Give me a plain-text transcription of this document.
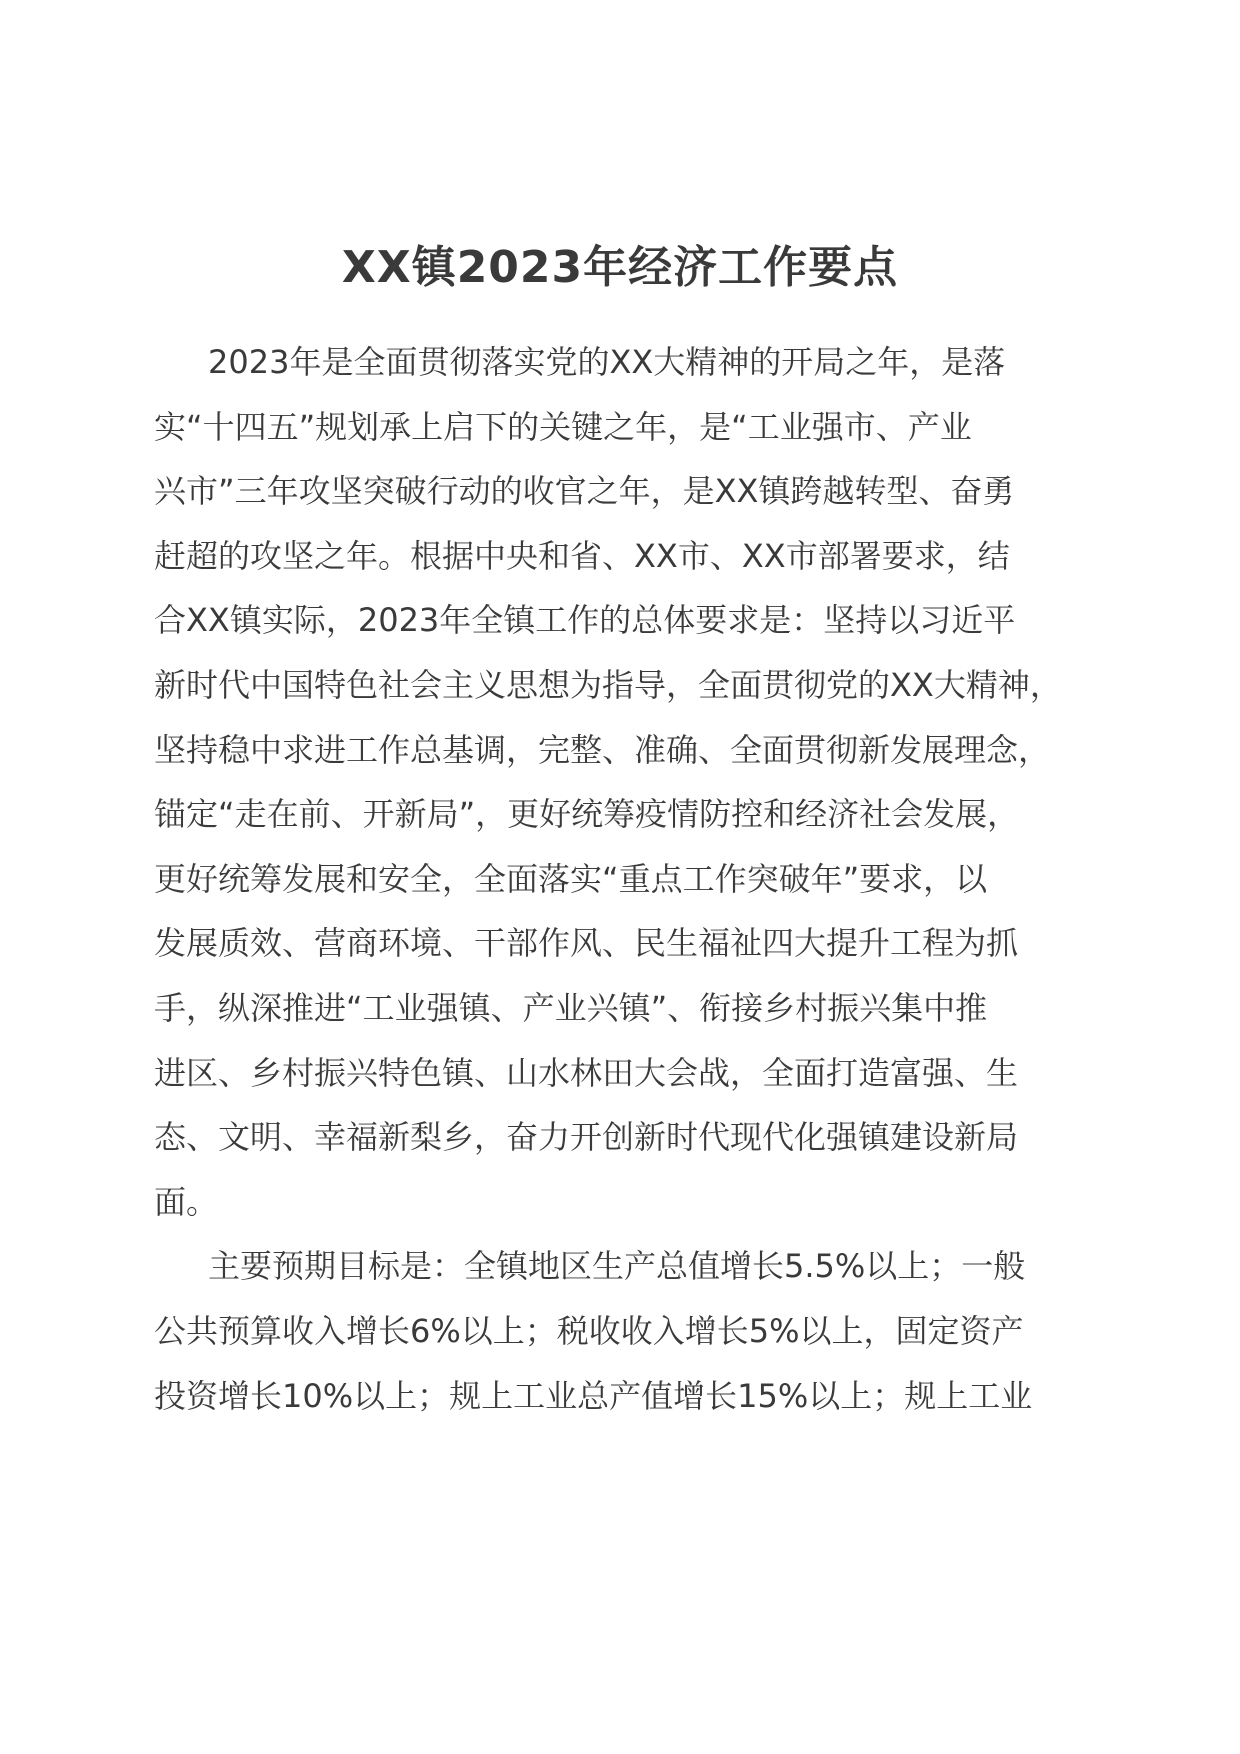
XX镇2023年经济工作要点
2023年是全面贯彻落实党的XX大精神的开局之年，是落
实“十四五”规划承上启下的关键之年，是“工业强市、产业
兴市”三年攻坚突破行动的收官之年，是XX镇跨越转型、奋勇
赶超的攻坚之年。根据中央和省、XX市、XX市部署要求，结
合XX镇实际，2023年全镇工作的总体要求是：坚持以习近平
新时代中国特色社会主义思想为指导，全面贯彻党的XX大精神，
坚持稳中求进工作总基调，完整、准确、全面贯彻新发展理念，
锚定“走在前、开新局”，更好统筹疫情防控和经济社会发展，
更好统筹发展和安全，全面落实“重点工作突破年”要求，以
发展质效、营商环境、干部作风、民生福祉四大提升工程为抓
手，纵深推进“工业强镇、产业兴镇”、衔接乡村振兴集中推
进区、乡村振兴特色镇、山水林田大会战，全面打造富强、生
态、文明、幸福新梨乡，奋力开创新时代现代化强镇建设新局
面。
主要预期目标是：全镇地区生产总值增长5.5%以上；一般
公共预算收入增长6%以上；税收收入增长5%以上，固定资产
投资增长10%以上；规上工业总产值增长15%以上；规上工业
